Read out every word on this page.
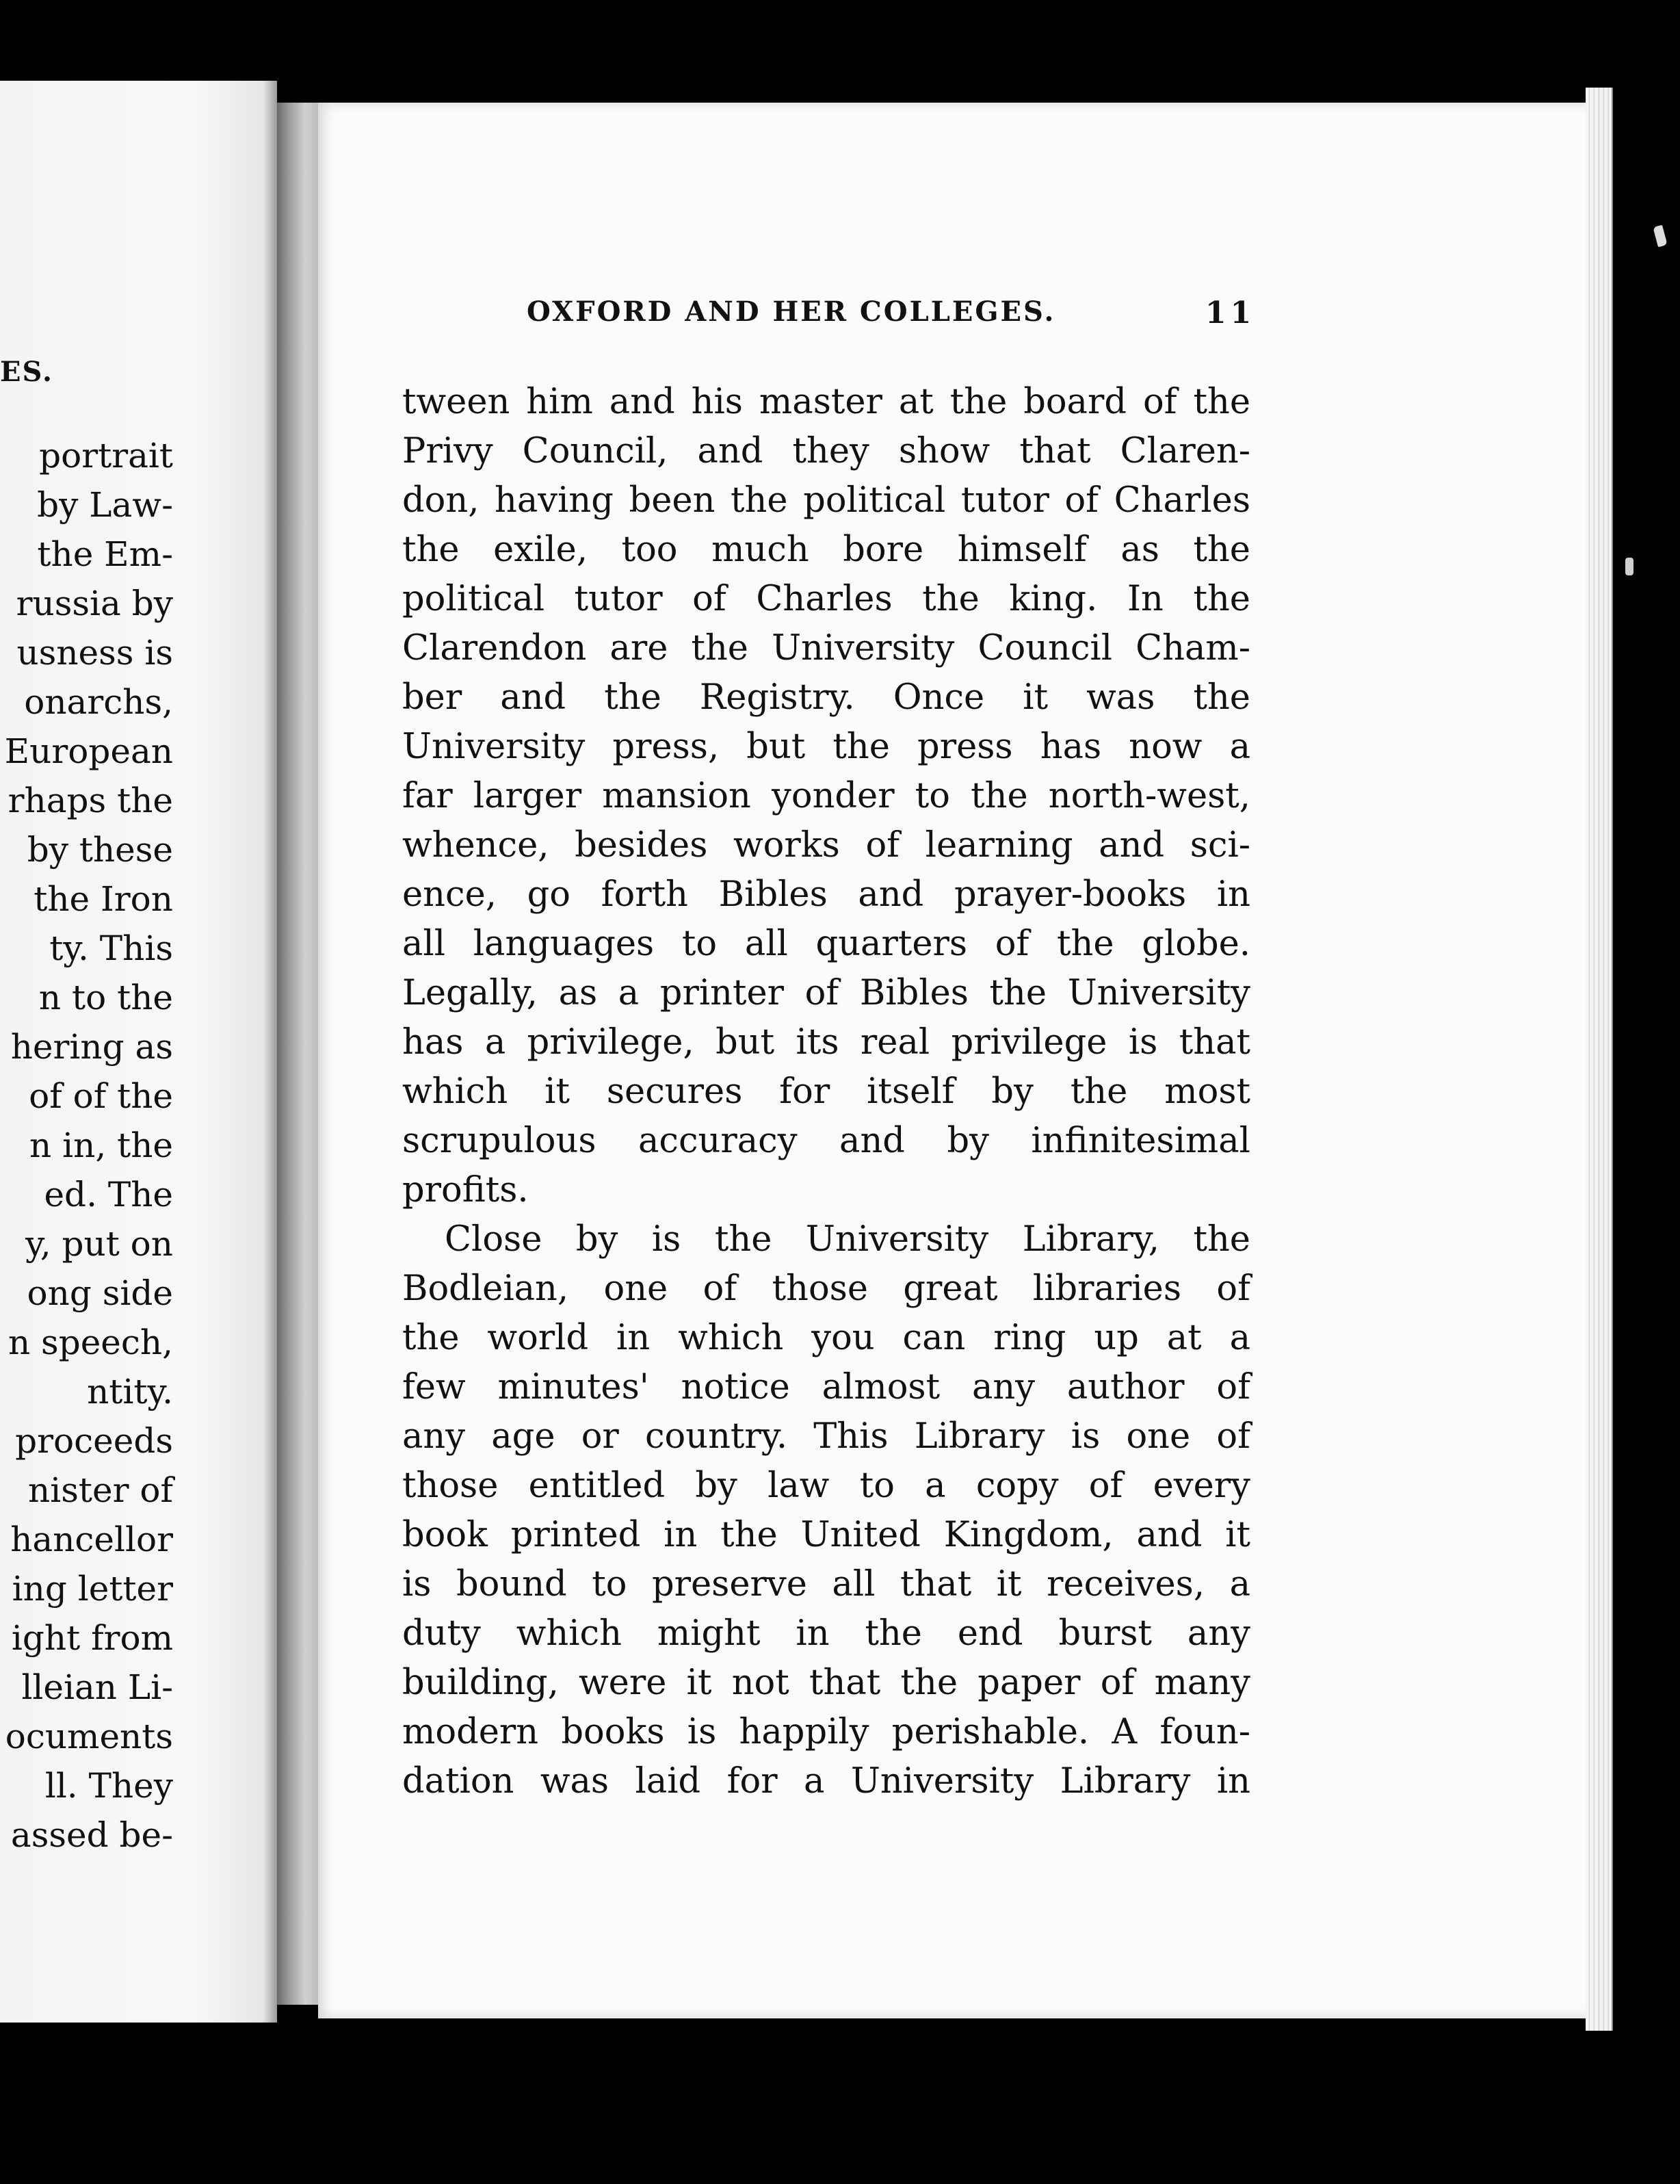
ES.
portrait
by Law-
the Em-
russia by
usness is
onarchs,
European
rhaps the
by these
the Iron
ty. This
n to the
hering as
of of the
n in, the
ed. The
y, put on
ong side
n speech,
ntity.
proceeds
nister of
hancellor
ing letter
ight from
lleian Li-
ocuments
ll. They
assed be-
OXFORD AND HER COLLEGES.	11
tween him and his master at the board of the
Privy Council, and they show that Claren-
don, having been the political tutor of Charles
the exile, too much bore himself as the
political tutor of Charles the king. In the
Clarendon are the University Council Cham-
ber and the Registry. Once it was the
University press, but the press has now a
far larger mansion yonder to the north-west,
whence, besides works of learning and sci-
ence, go forth Bibles and prayer-books in
all languages to all quarters of the globe.
Legally, as a printer of Bibles the University
has a privilege, but its real privilege is that
which it secures for itself by the most
scrupulous accuracy and by infinitesimal
profits.
Close by is the University Library, the
Bodleian, one of those great libraries of
the world in which you can ring up at a
few minutes' notice almost any author of
any age or country. This Library is one of
those entitled by law to a copy of every
book printed in the United Kingdom, and it
is bound to preserve all that it receives, a
duty which might in the end burst any
building, were it not that the paper of many
modern books is happily perishable. A foun-
dation was laid for a University Library in
